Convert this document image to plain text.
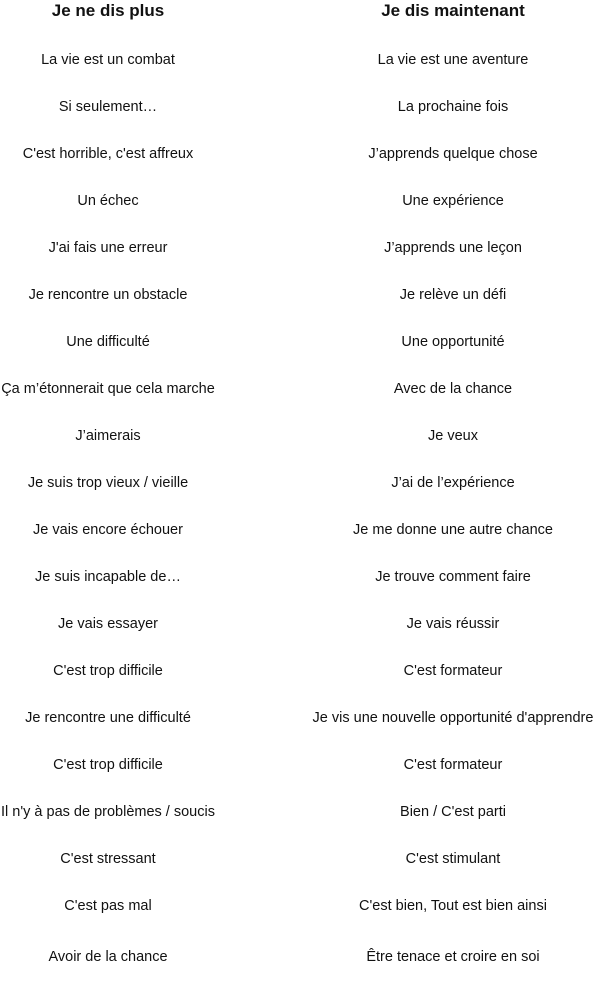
Je ne dis plus	Je dis maintenant
La vie est un combat	La vie est une aventure
Si seulement…	La prochaine fois
C'est horrible, c'est affreux	J’apprends quelque chose
Un échec	Une expérience
J'ai fais une erreur	J’apprends une leçon
Je rencontre un obstacle	Je relève un défi
Une difficulté	Une opportunité
Ça m’étonnerait que cela marche	Avec de la chance
J’aimerais	Je veux
Je suis trop vieux / vieille	J’ai de l’expérience
Je vais encore échouer	Je me donne une autre chance
Je suis incapable de…	Je trouve comment faire
Je vais essayer	Je vais réussir
C'est trop difficile	C'est formateur
Je rencontre une difficulté	Je vis une nouvelle opportunité d'apprendre
C'est trop difficile	C'est formateur
Il n'y à pas de problèmes / soucis	Bien / C'est parti
C'est stressant	C'est stimulant
C'est pas mal	C'est bien, Tout est bien ainsi
Avoir de la chance	Être tenace et croire en soi
